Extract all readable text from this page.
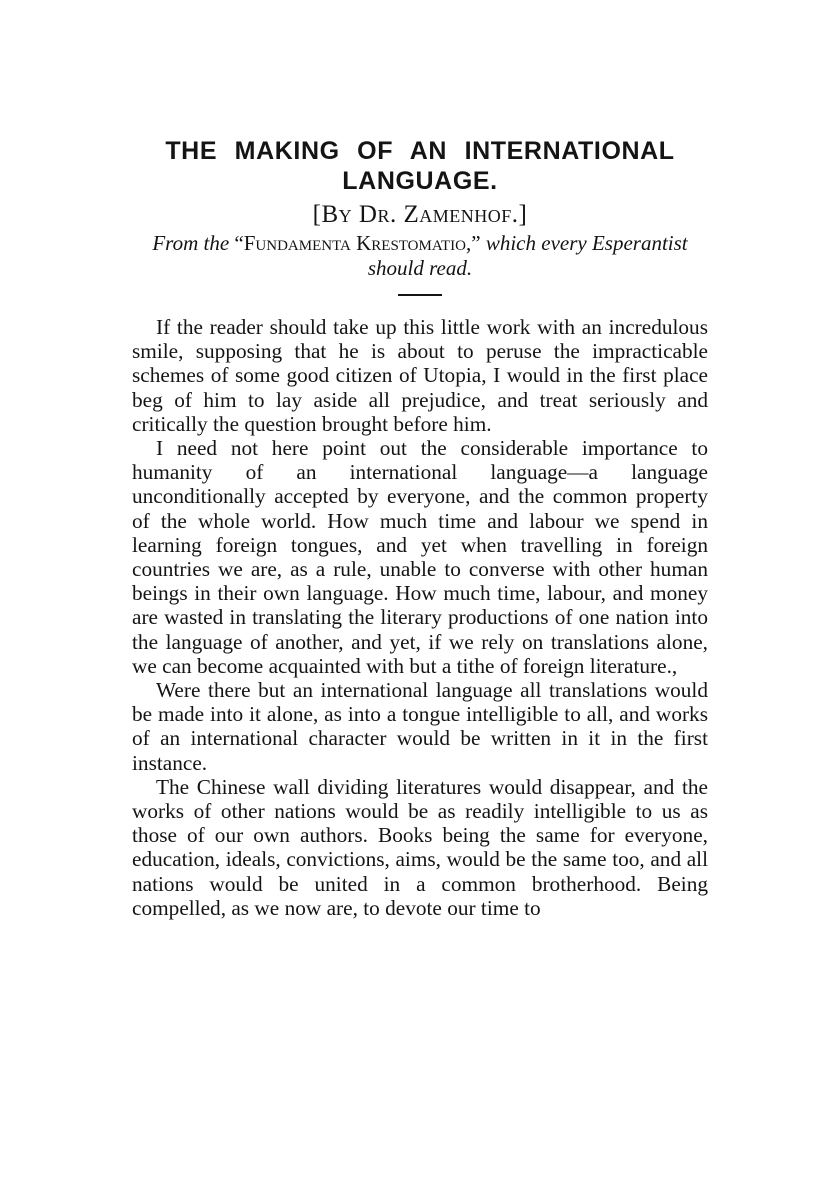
THE MAKING OF AN INTERNATIONAL
LANGUAGE.

[By Dr. Zamenhof.]

From the “Fundamenta Krestomatio,” which every Esperantist should read.

If the reader should take up this little work with an incredulous smile, supposing that he is about to peruse the impracticable schemes of some good citizen of Utopia, I would in the first place beg of him to lay aside all prejudice, and treat seriously and critically the question brought before him.

I need not here point out the considerable importance to humanity of an international language—a language unconditionally accepted by everyone, and the common property of the whole world. How much time and labour we spend in learning foreign tongues, and yet when travelling in foreign countries we are, as a rule, unable to converse with other human beings in their own language. How much time, labour, and money are wasted in translating the literary productions of one nation into the language of another, and yet, if we rely on translations alone, we can become acquainted with but a tithe of foreign literature.,

Were there but an international language all translations would be made into it alone, as into a tongue intelligible to all, and works of an international character would be written in it in the first instance.

The Chinese wall dividing literatures would disappear, and the works of other nations would be as readily intelligible to us as those of our own authors. Books being the same for everyone, education, ideals, convictions, aims, would be the same too, and all nations would be united in a common brotherhood. Being compelled, as we now are, to devote our time to
